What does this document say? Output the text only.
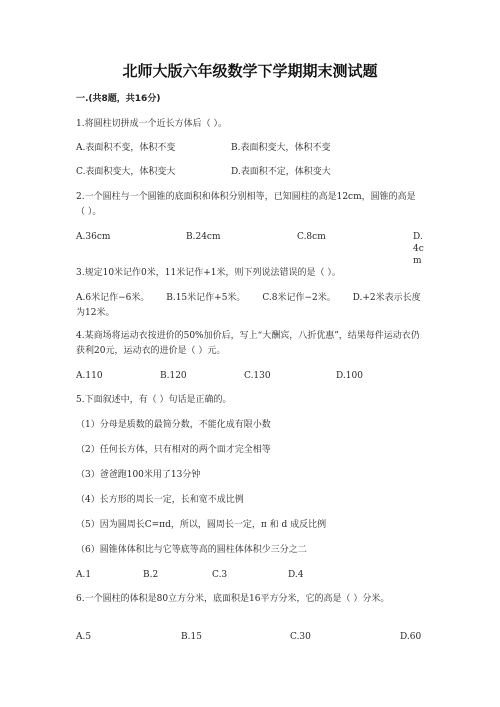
北师大版六年级数学下学期期末测试题
一.(共8题，共16分)
1.将圆柱切拼成一个近长方体后（ ）。
A.表面积不变，体积不变	B.表面积变大，体积不变
C.表面积变大，体积变大	D.表面积不定，体积变大
2.一个圆柱与一个圆锥的底面积和体积分别相等，已知圆柱的高是12cm，圆锥的高是（ ）。
A.36cm	B.24cm	C.8cm	D.4cm
3.规定10米记作0米，11米记作+1米，则下列说法错误的是（ ）。
A.6米记作−6米。 B.15米记作+5米。 C.8米记作−2米。 D.+2米表示长度为12米。
4.某商场将运动衣按进价的50%加价后，写上“大酬宾，八折优惠”，结果每件运动衣仍获利20元，运动衣的进价是（ ）元。
A.110	B.120	C.130	D.100
5.下面叙述中，有（ ）句话是正确的。
（1）分母是质数的最简分数，不能化成有限小数
（2）任何长方体，只有相对的两个面才完全相等
（3）爸爸跑100米用了13分钟
（4）长方形的周长一定，长和宽不成比例
（5）因为圆周长C=πd，所以，圆周长一定，π 和 d 成反比例
（6）圆锥体体积比与它等底等高的圆柱体体积少三分之二
A.1	B.2	C.3	D.4
6.一个圆柱的体积是80立方分米，底面积是16平方分米，它的高是（ ）分米。
A.5	B.15	C.30	D.60
